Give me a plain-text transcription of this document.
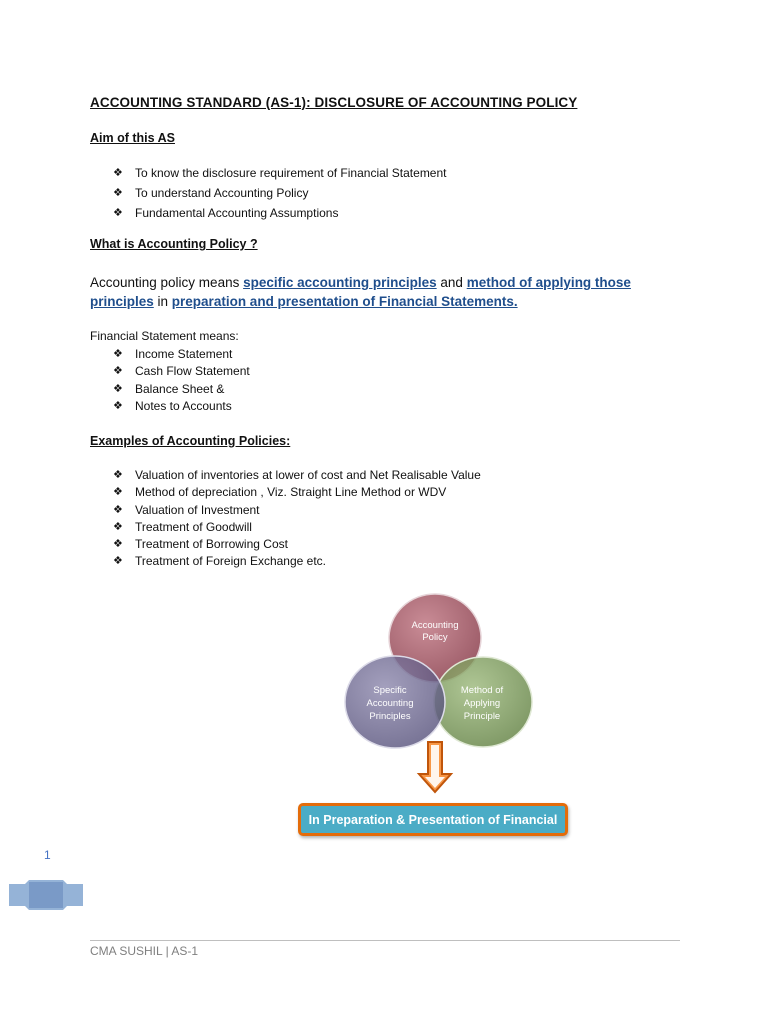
ACCOUNTING STANDARD (AS-1): DISCLOSURE OF ACCOUNTING POLICY
Aim of this AS
❖ To know the disclosure requirement of Financial Statement
❖ To understand Accounting Policy
❖ Fundamental Accounting Assumptions
What is Accounting Policy ?

Accounting policy means specific accounting principles and method of applying those principles in preparation and presentation of Financial Statements.

Financial Statement means:

❖ Income Statement
❖ Cash Flow Statement
❖ Balance Sheet &
❖ Notes to Accounts
Examples of Accounting Policies:
❖ Valuation of inventories at lower of cost and Net Realisable Value
❖ Method of depreciation , Viz. Straight Line Method or WDV
❖ Valuation of Investment
❖ Treatment of Goodwill
❖ Treatment of Borrowing Cost
❖ Treatment of Foreign Exchange etc.
Accounting
Policy
Specific
Accounting
Principles
Method of
Applying
Principle
In Preparation & Presentation of Financial
1
CMA SUSHIL | AS-1
